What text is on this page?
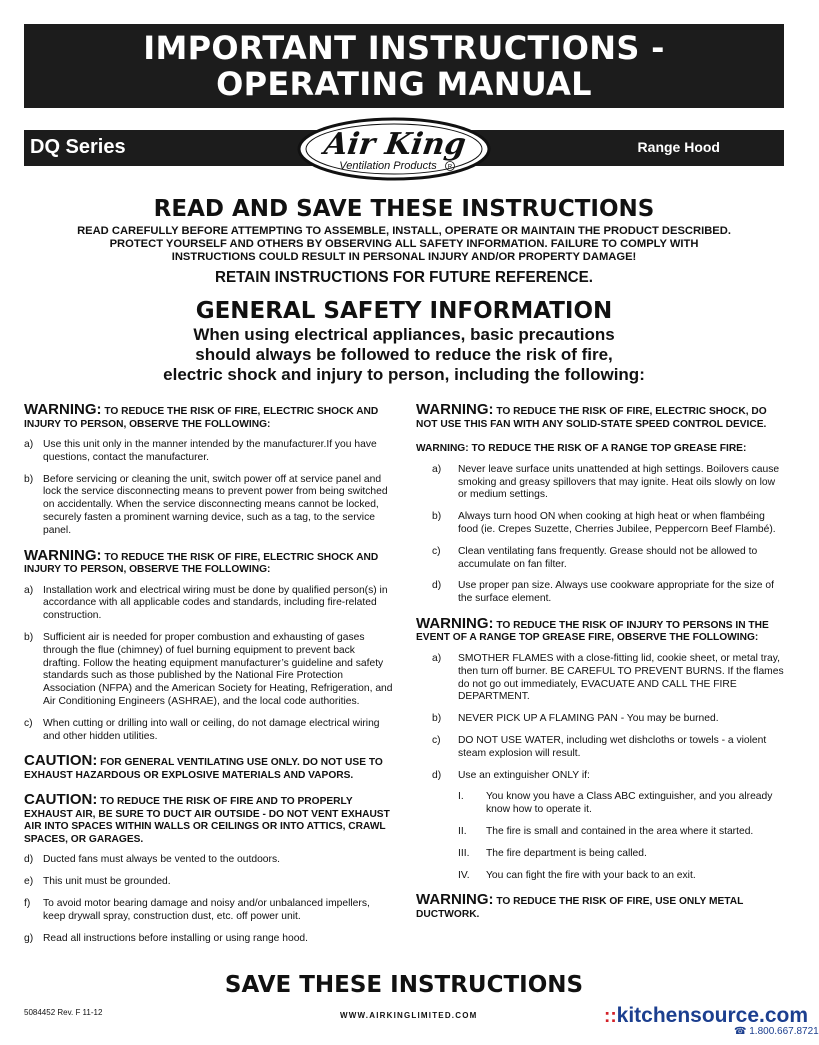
IMPORTANT INSTRUCTIONS -
OPERATING MANUAL
DQ Series	Range Hood
Air King
Ventilation Products R
READ AND SAVE THESE INSTRUCTIONS
READ CAREFULLY BEFORE ATTEMPTING TO ASSEMBLE, INSTALL, OPERATE OR MAINTAIN THE PRODUCT DESCRIBED.
PROTECT YOURSELF AND OTHERS BY OBSERVING ALL SAFETY INFORMATION. FAILURE TO COMPLY WITH
INSTRUCTIONS COULD RESULT IN PERSONAL INJURY AND/OR PROPERTY DAMAGE!
RETAIN INSTRUCTIONS FOR FUTURE REFERENCE.
GENERAL SAFETY INFORMATION
When using electrical appliances, basic precautions
should always be followed to reduce the risk of fire,
electric shock and injury to person, including the following:
WARNING: TO REDUCE THE RISK OF FIRE, ELECTRIC SHOCK AND INJURY TO PERSON, OBSERVE THE FOLLOWING:
a) Use this unit only in the manner intended by the manufacturer.If you have questions, contact the manufacturer.
b) Before servicing or cleaning the unit, switch power off at service panel and lock the service disconnecting means to prevent power from being switched on accidentally. When the service disconnecting means cannot be locked, securely fasten a prominent warning device, such as a tag, to the service panel.
WARNING: TO REDUCE THE RISK OF FIRE, ELECTRIC SHOCK AND INJURY TO PERSON, OBSERVE THE FOLLOWING:
a) Installation work and electrical wiring must be done by qualified person(s) in accordance with all applicable codes and standards, including fire-related construction.
b) Sufficient air is needed for proper combustion and exhausting of gases through the flue (chimney) of fuel burning equipment to prevent back drafting. Follow the heating equipment manufacturer’s guideline and safety standards such as those published by the National Fire Protection Association (NFPA) and the American Society for Heating, Refrigeration, and Air Conditioning Engineers (ASHRAE), and the local code authorities.
c)	When cutting or drilling into wall or ceiling, do not damage electrical wiring and other hidden utilities.
CAUTION: FOR GENERAL VENTILATING USE ONLY. DO NOT USE TO EXHAUST HAZARDOUS OR EXPLOSIVE MATERIALS AND VAPORS.
CAUTION: TO REDUCE THE RISK OF FIRE AND TO PROPERLY EXHAUST AIR, BE SURE TO DUCT AIR OUTSIDE - DO NOT VENT EXHAUST AIR INTO SPACES WITHIN WALLS OR CEILINGS OR INTO ATTICS, CRAWL SPACES, OR GARAGES.
d) Ducted fans must always be vented to the outdoors.
e) This unit must be grounded.
f)	To avoid motor bearing damage and noisy and/or unbalanced impellers, keep drywall spray, construction dust, etc. off power unit.
g) Read all instructions before installing or using range hood.
WARNING: TO REDUCE THE RISK OF FIRE, ELECTRIC SHOCK, DO NOT USE THIS FAN WITH ANY SOLID-STATE SPEED CONTROL DEVICE.
WARNING: TO REDUCE THE RISK OF A RANGE TOP GREASE FIRE:
a)	Never leave surface units unattended at high settings. Boilovers cause smoking and greasy spillovers that may ignite. Heat oils slowly on low or medium settings.
b)	Always turn hood ON when cooking at high heat or when flambéing food (ie. Crepes Suzette, Cherries Jubilee, Peppercorn Beef Flambé).
c)	Clean ventilating fans frequently. Grease should not be allowed to accumulate on fan filter.
d)	Use proper pan size. Always use cookware appropriate for the size of the surface element.
WARNING: TO REDUCE THE RISK OF INJURY TO PERSONS IN THE EVENT OF A RANGE TOP GREASE FIRE, OBSERVE THE FOLLOWING:
a)	SMOTHER FLAMES with a close-fitting lid, cookie sheet, or metal tray, then turn off burner. BE CAREFUL TO PREVENT BURNS. If the flames do not go out immediately, EVACUATE AND CALL THE FIRE DEPARTMENT.
b)	NEVER PICK UP A FLAMING PAN - You may be burned.
c)	DO NOT USE WATER, including wet dishcloths or towels - a violent steam explosion will result.
d)	Use an extinguisher ONLY if:
I.	You know you have a Class ABC extinguisher, and you already know how to operate it.
II.	The fire is small and contained in the area where it started.
III.	The fire department is being called.
IV.	You can fight the fire with your back to an exit.
WARNING: TO REDUCE THE RISK OF FIRE, USE ONLY METAL DUCTWORK.
SAVE THESE INSTRUCTIONS
5084452 Rev. F 11-12	WWW.AIRKINGLIMITED.COM	::kitchensource.com
☎ 1.800.667.8721
